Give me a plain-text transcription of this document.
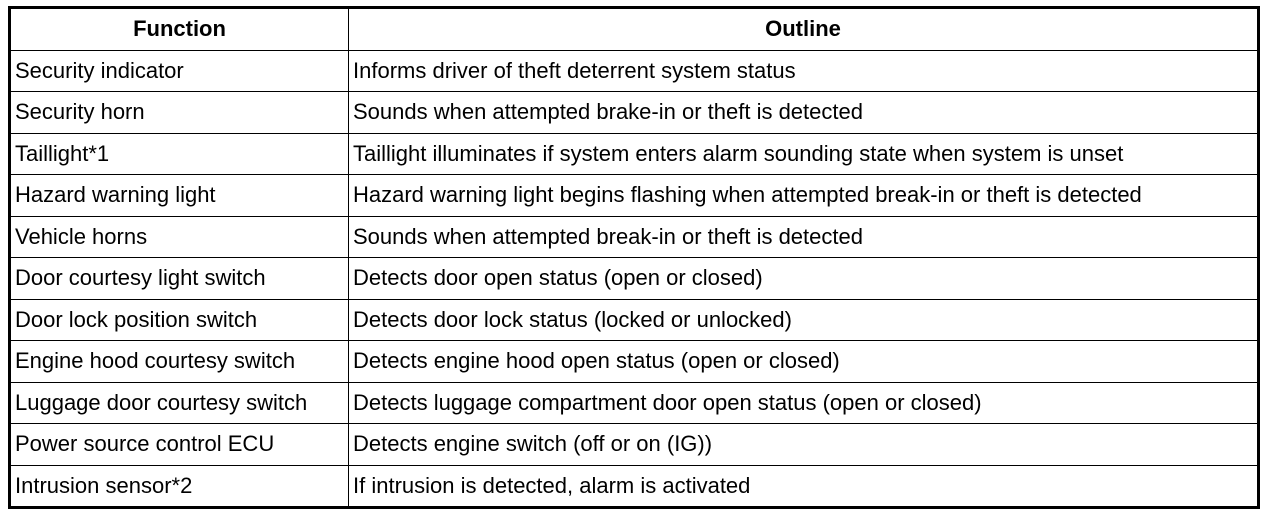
Function	Outline
Security indicator	Informs driver of theft deterrent system status
Security horn	Sounds when attempted brake-in or theft is detected
Taillight*1	Taillight illuminates if system enters alarm sounding state when system is unset
Hazard warning light	Hazard warning light begins flashing when attempted break-in or theft is detected
Vehicle horns	Sounds when attempted break-in or theft is detected
Door courtesy light switch	Detects door open status (open or closed)
Door lock position switch	Detects door lock status (locked or unlocked)
Engine hood courtesy switch	Detects engine hood open status (open or closed)
Luggage door courtesy switch	Detects luggage compartment door open status (open or closed)
Power source control ECU	Detects engine switch (off or on (IG))
Intrusion sensor*2	If intrusion is detected, alarm is activated
